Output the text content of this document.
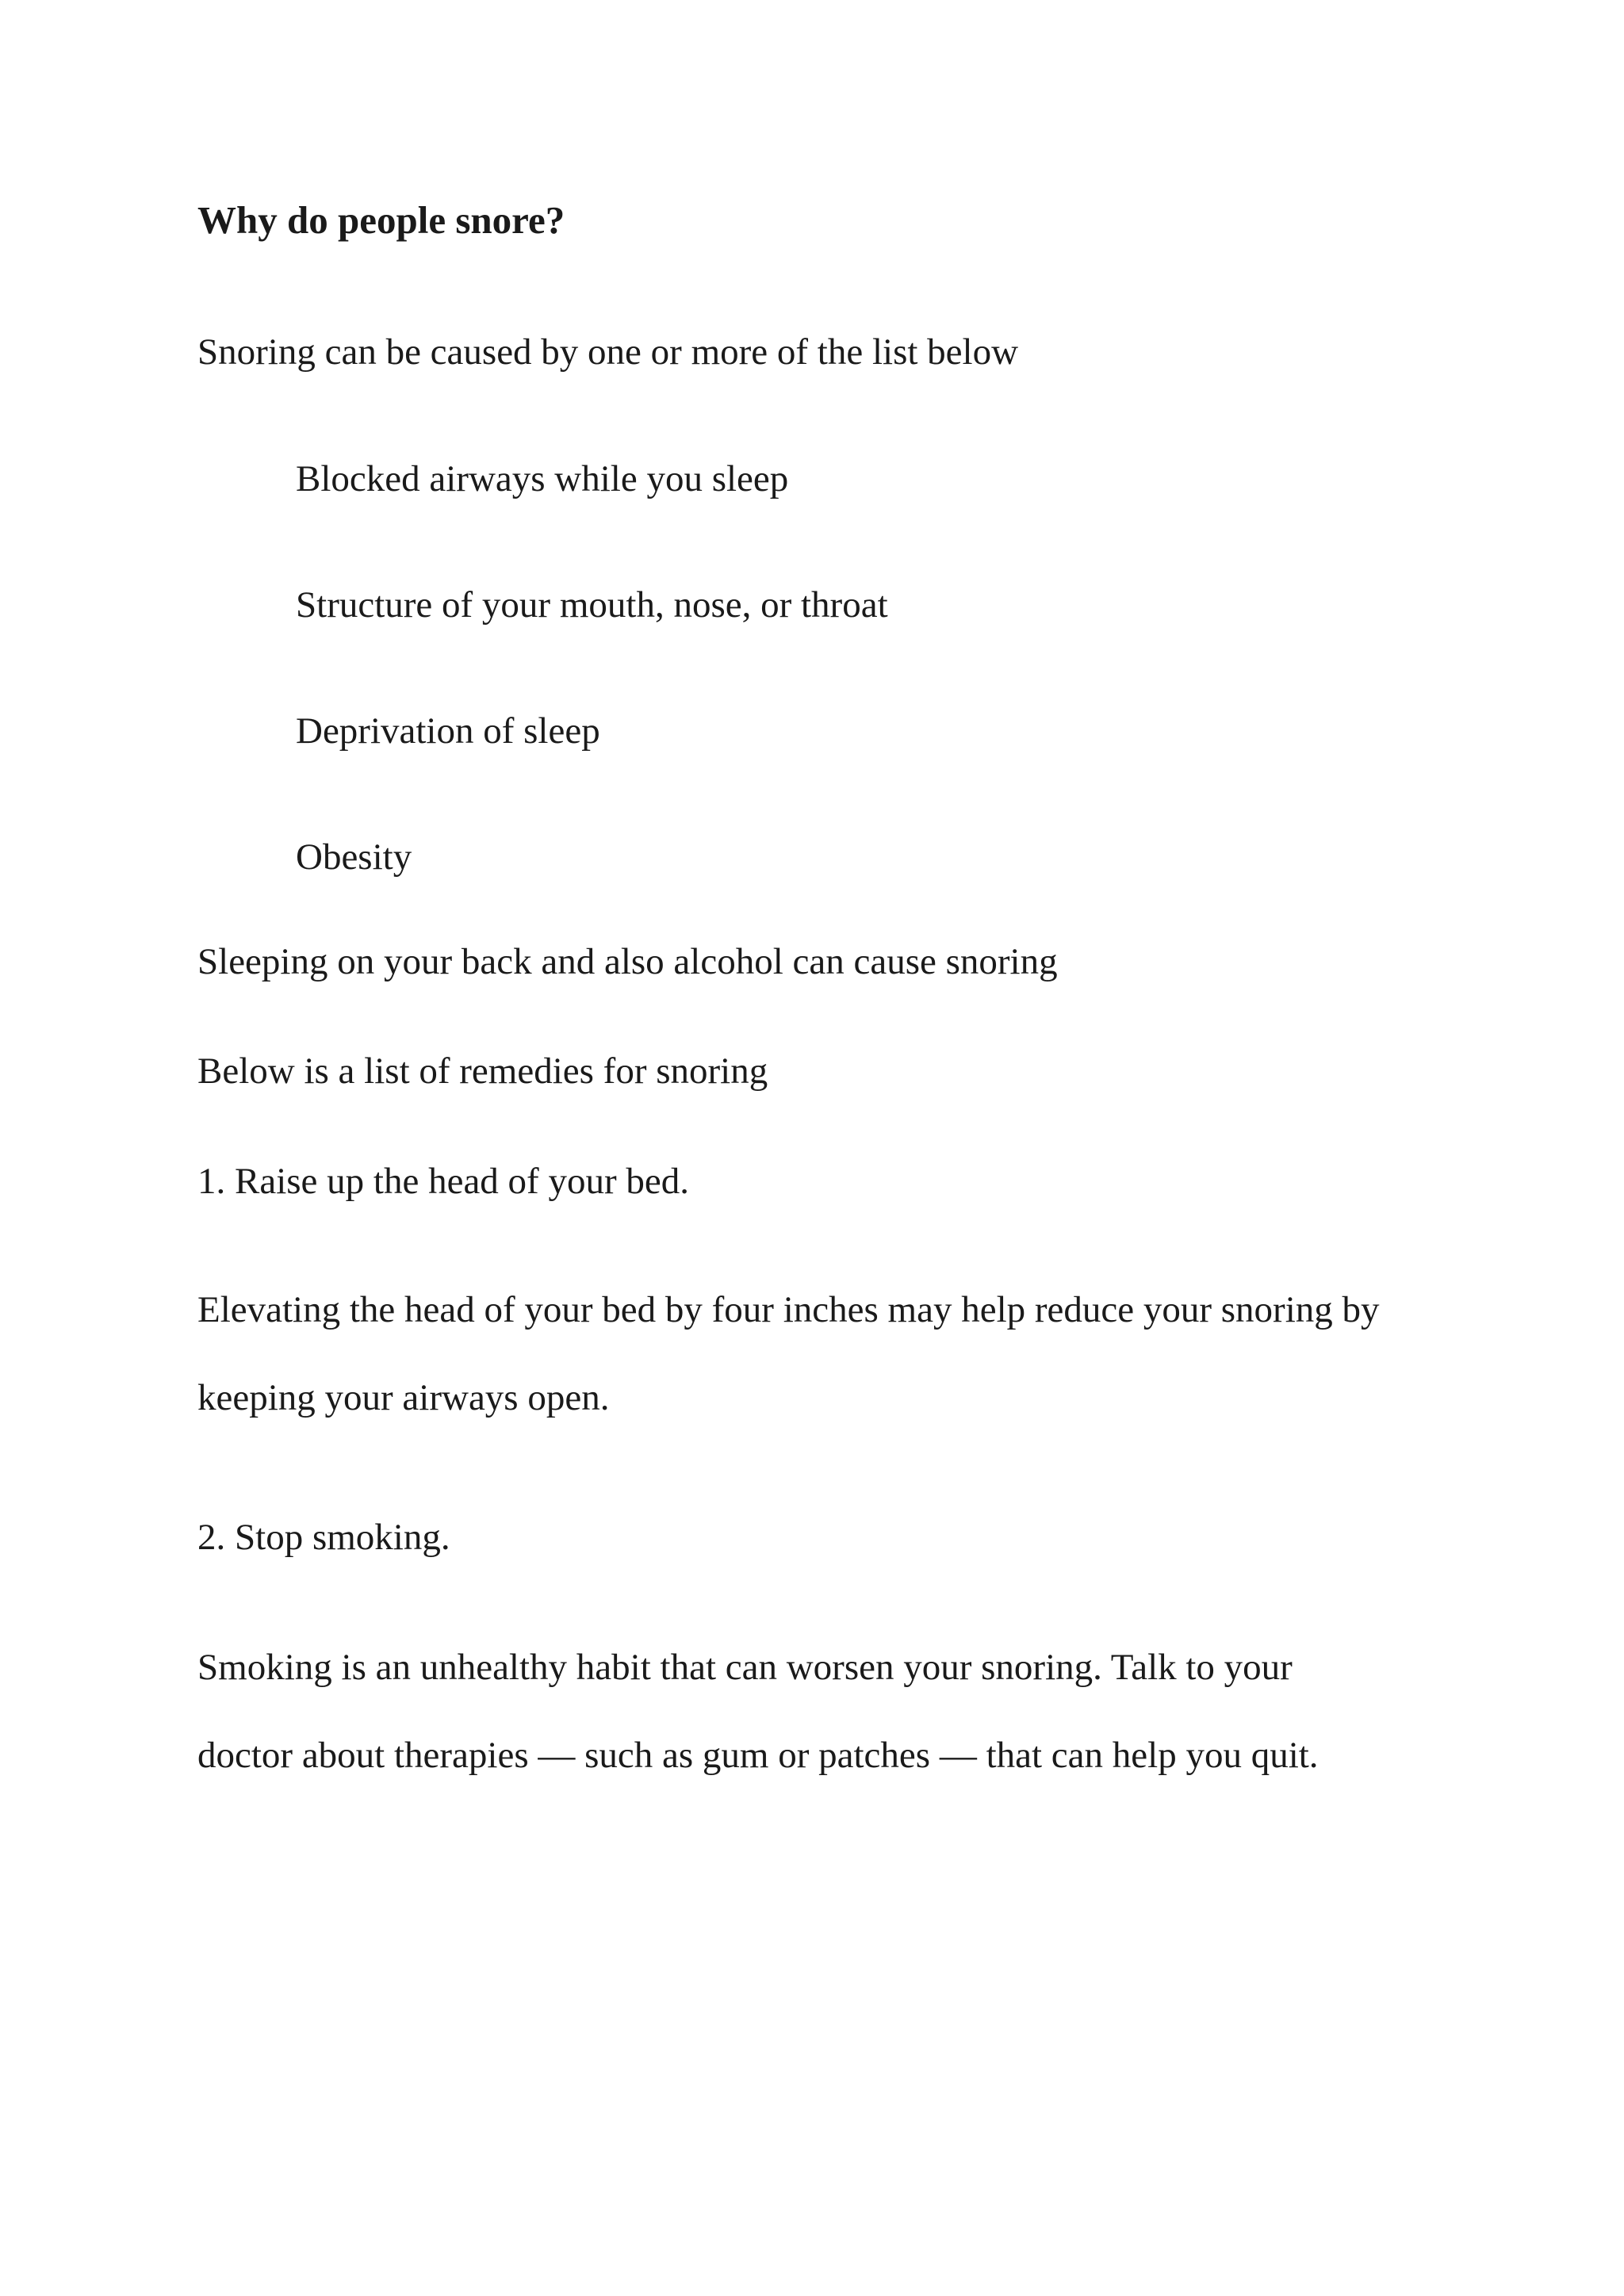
Why do people snore?
Snoring can be caused by one or more of the list below
Blocked airways while you sleep
Structure of your mouth, nose, or throat
Deprivation of sleep
Obesity
Sleeping on your back and also alcohol can cause snoring
Below is a list of remedies for snoring
1. Raise up the head of your bed.
Elevating the head of your bed by four inches may help reduce your snoring by
keeping your airways open.
2. Stop smoking.
Smoking is an unhealthy habit that can worsen your snoring. Talk to your
doctor about therapies — such as gum or patches — that can help you quit.
